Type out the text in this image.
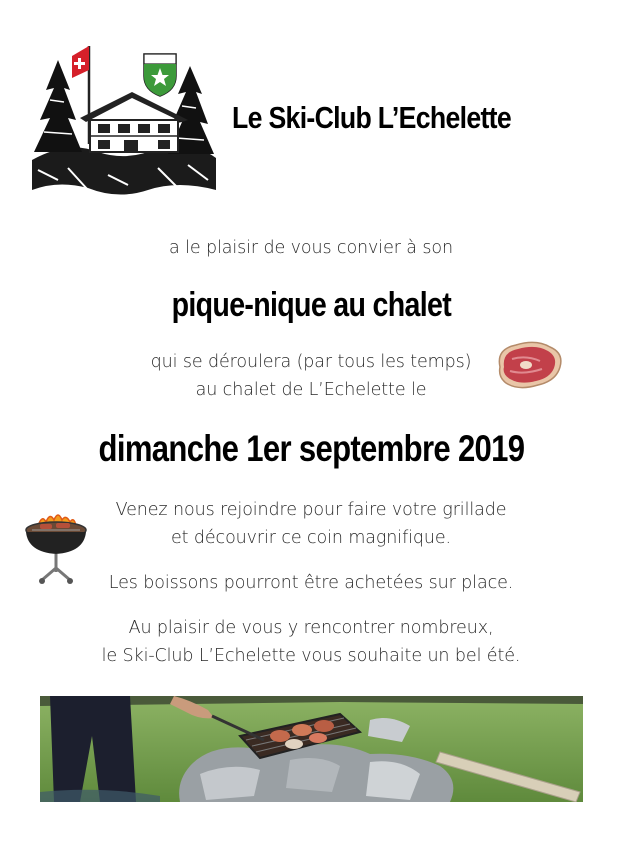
Le Ski-Club L’Echelette
a le plaisir de vous convier à son
pique-nique au chalet
qui se déroulera (par tous les temps)
au chalet de L’Echelette le
dimanche 1er septembre 2019
Venez nous rejoindre pour faire votre grillade
et découvrir ce coin magnifique.
Les boissons pourront être achetées sur place.
Au plaisir de vous y rencontrer nombreux,
le Ski-Club L’Echelette vous souhaite un bel été.
